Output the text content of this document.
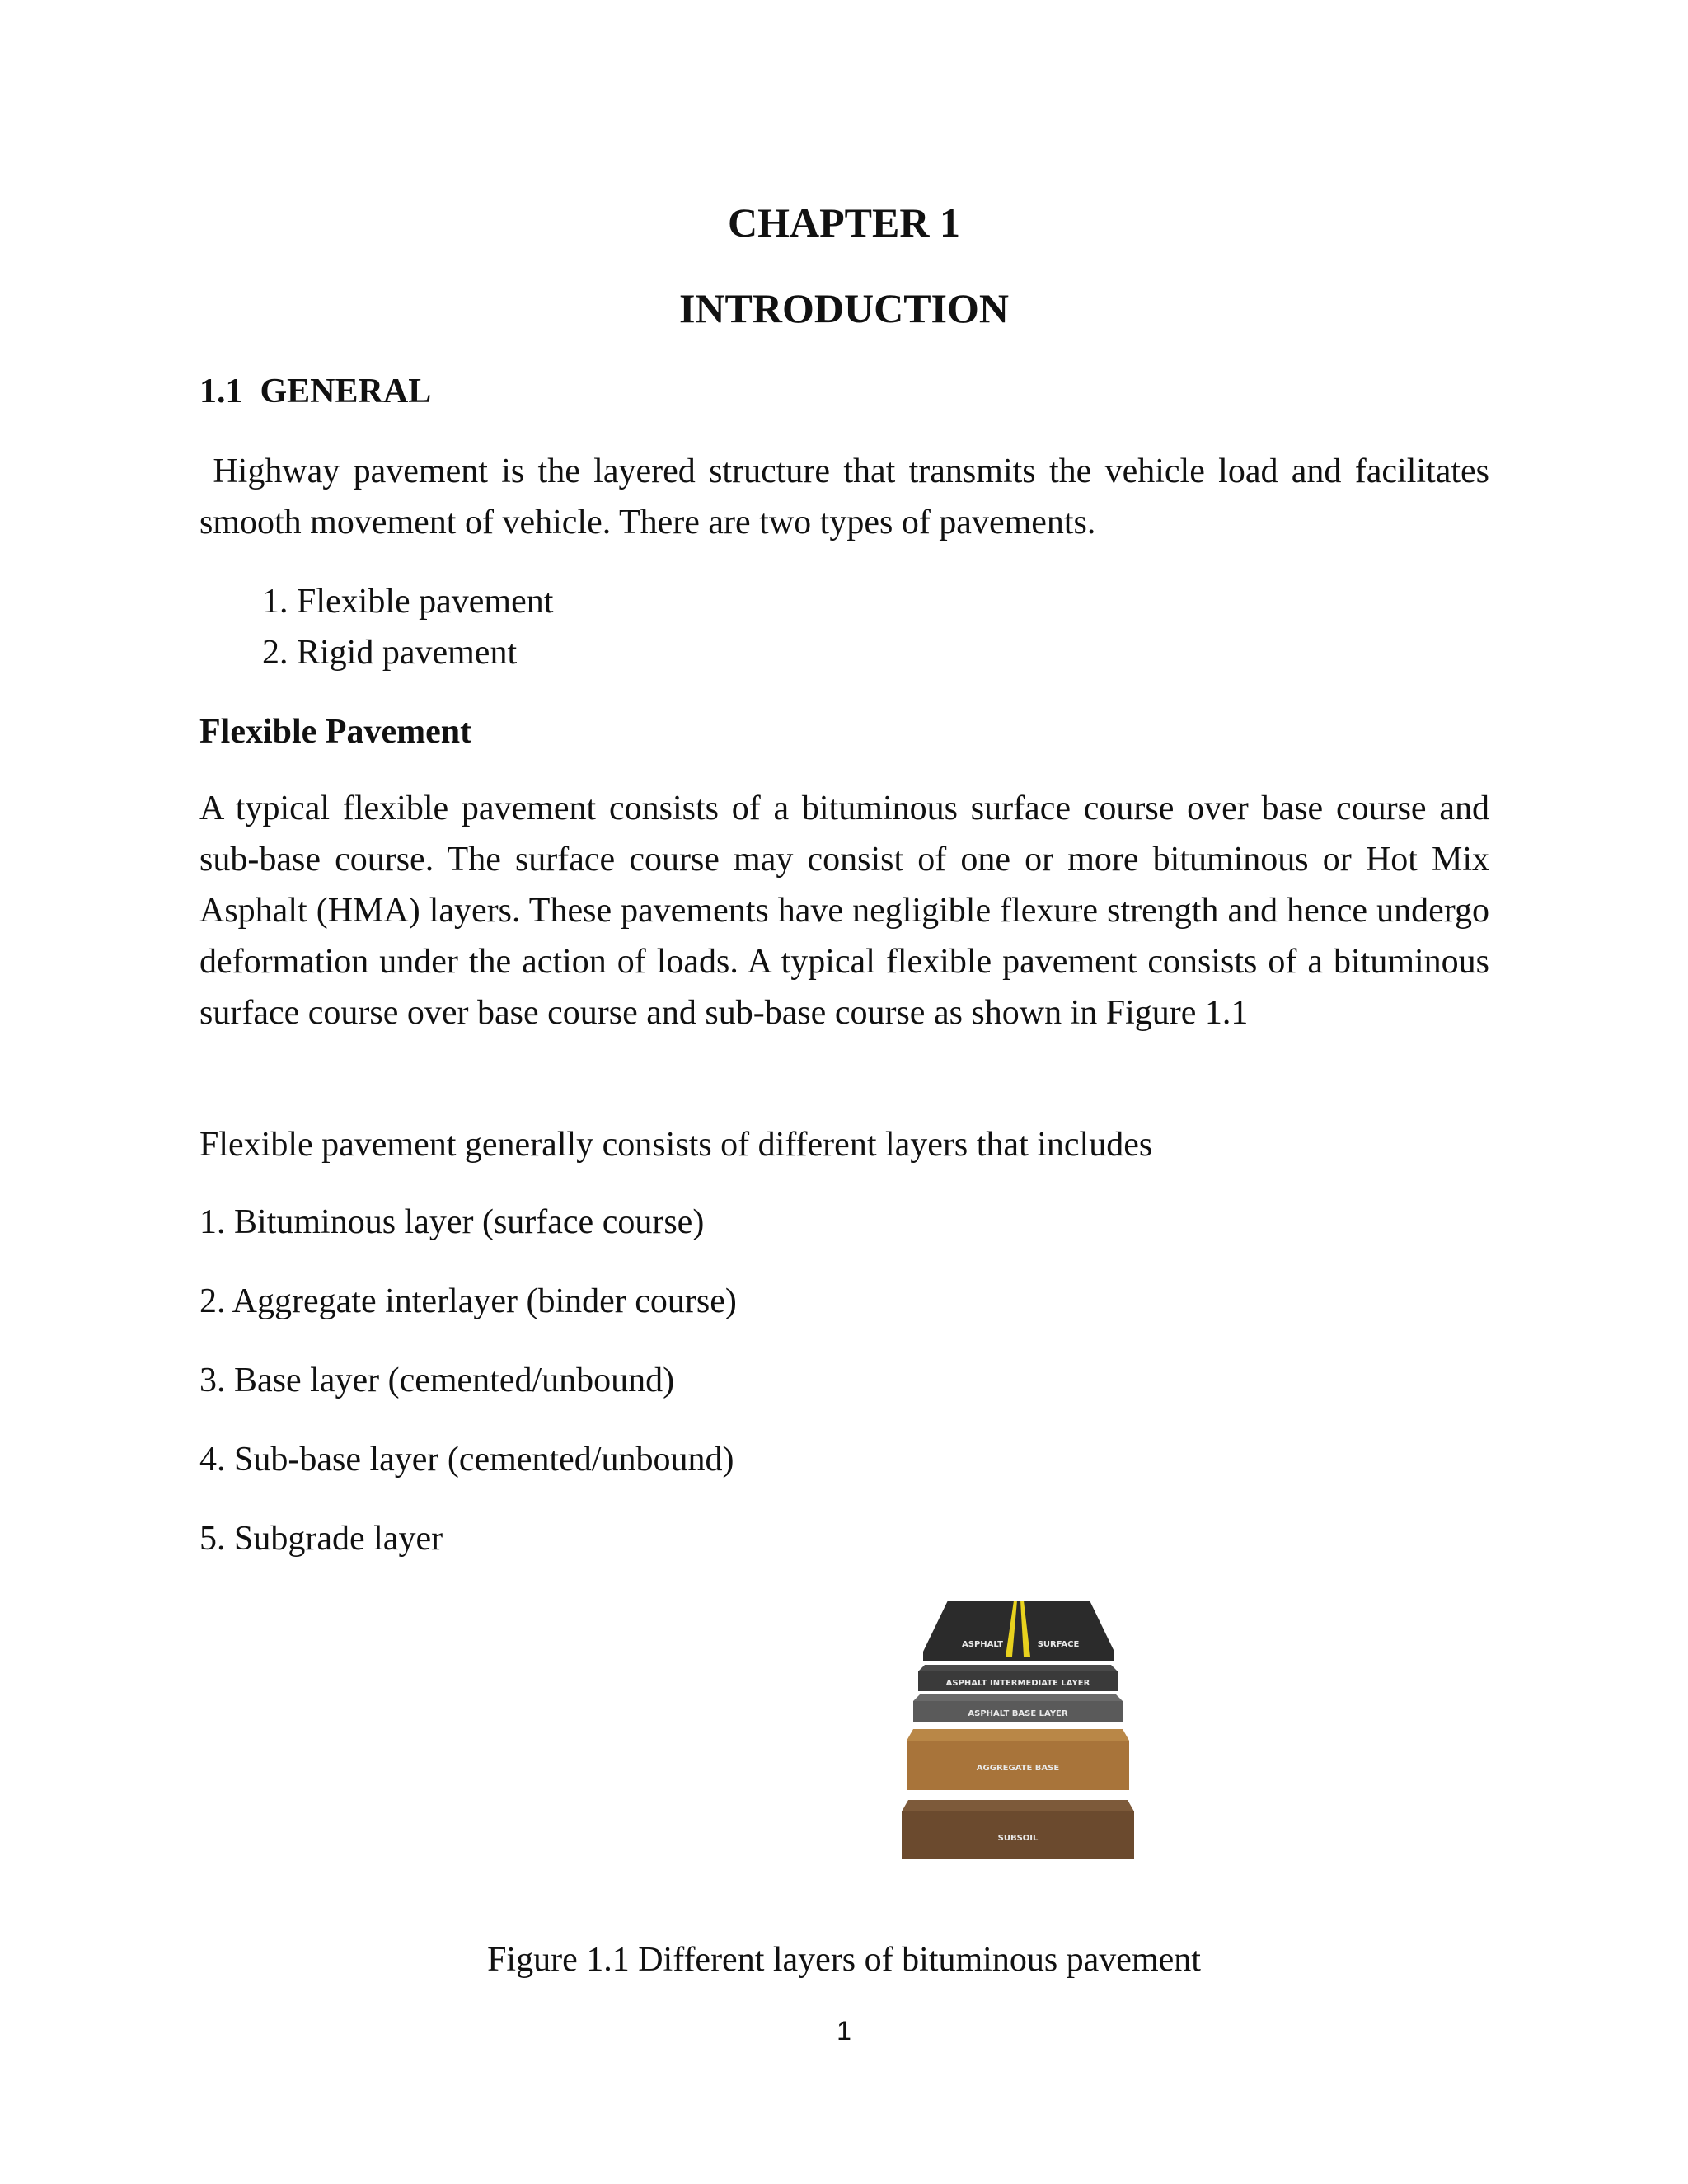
CHAPTER 1
INTRODUCTION
1.1  GENERAL

Highway pavement is the layered structure that transmits the vehicle load and facilitates smooth movement of vehicle. There are two types of pavements.

1. Flexible pavement
2. Rigid pavement
Flexible Pavement

A typical flexible pavement consists of a bituminous surface course over base course and sub-base course. The surface course may consist of one or more bituminous or Hot Mix Asphalt (HMA) layers. These pavements have negligible flexure strength and hence undergo deformation under the action of loads. A typical flexible pavement consists of a bituminous surface course over base course and sub-base course as shown in Figure 1.1

Flexible pavement generally consists of different layers that includes
1. Bituminous layer (surface course)
2. Aggregate interlayer (binder course)
3. Base layer (cemented/unbound)
4. Sub-base layer (cemented/unbound)
5. Subgrade layer
SUBSOIL
AGGREGATE BASE
ASPHALT BASE LAYER
ASPHALT INTERMEDIATE LAYER
ASPHALT	SURFACE
Figure 1.1 Different layers of bituminous pavement
1
